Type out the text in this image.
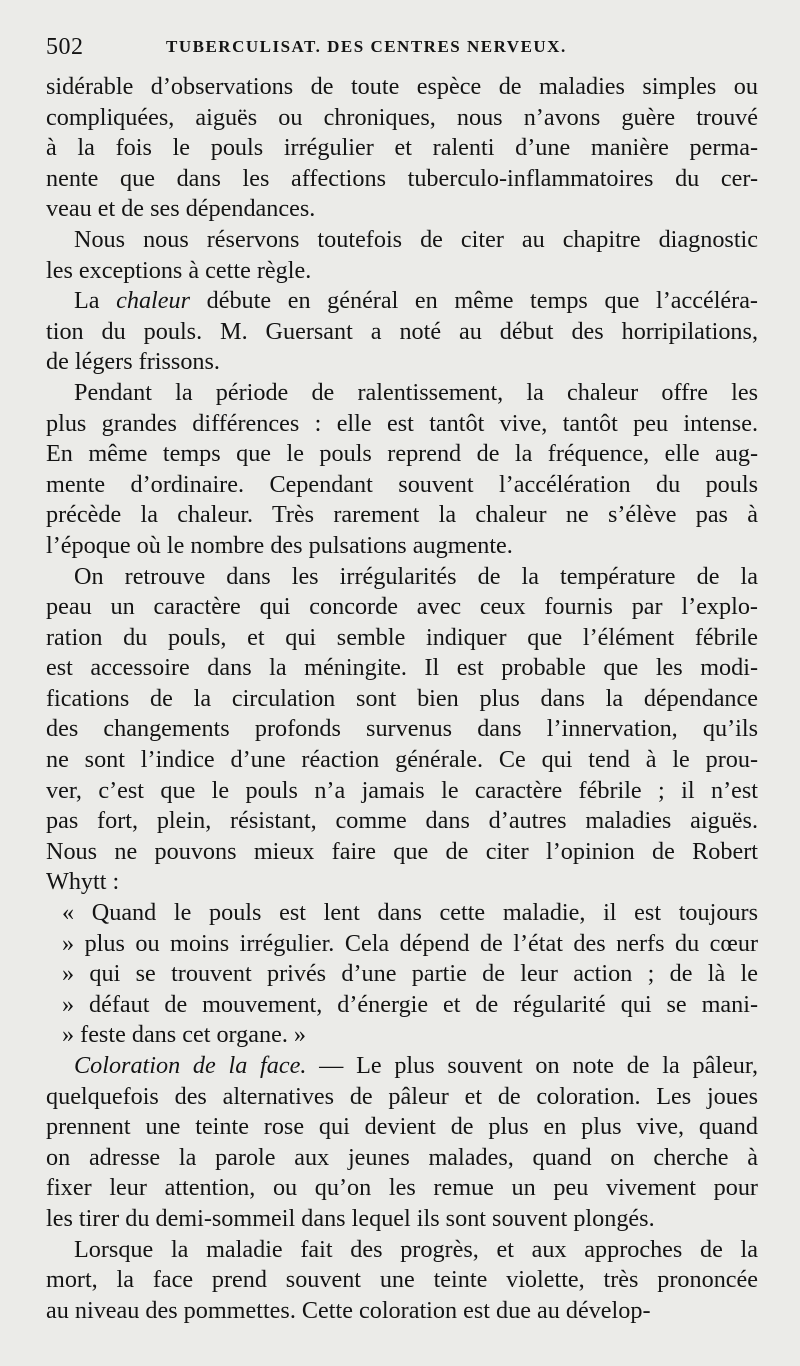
502	TUBERCULISAT. DES CENTRES NERVEUX.
sidérable d’observations de toute espèce de maladies simples ou
compliquées, aiguës ou chroniques, nous n’avons guère trouvé
à la fois le pouls irrégulier et ralenti d’une manière perma-
nente que dans les affections tuberculo-inflammatoires du cer-
veau et de ses dépendances.
Nous nous réservons toutefois de citer au chapitre diagnostic
les exceptions à cette règle.
La chaleur débute en général en même temps que l’accéléra-
tion du pouls. M. Guersant a noté au début des horripilations,
de légers frissons.
Pendant la période de ralentissement, la chaleur offre les
plus grandes différences : elle est tantôt vive, tantôt peu intense.
En même temps que le pouls reprend de la fréquence, elle aug-
mente d’ordinaire. Cependant souvent l’accélération du pouls
précède la chaleur. Très rarement la chaleur ne s’élève pas à
l’époque où le nombre des pulsations augmente.
On retrouve dans les irrégularités de la température de la
peau un caractère qui concorde avec ceux fournis par l’explo-
ration du pouls, et qui semble indiquer que l’élément fébrile
est accessoire dans la méningite. Il est probable que les modi-
fications de la circulation sont bien plus dans la dépendance
des changements profonds survenus dans l’innervation, qu’ils
ne sont l’indice d’une réaction générale. Ce qui tend à le prou-
ver, c’est que le pouls n’a jamais le caractère fébrile ; il n’est
pas fort, plein, résistant, comme dans d’autres maladies aiguës.
Nous ne pouvons mieux faire que de citer l’opinion de Robert
Whytt :
« Quand le pouls est lent dans cette maladie, il est toujours
» plus ou moins irrégulier. Cela dépend de l’état des nerfs du cœur
» qui se trouvent privés d’une partie de leur action ; de là le
» défaut de mouvement, d’énergie et de régularité qui se mani-
» feste dans cet organe. »
Coloration de la face. — Le plus souvent on note de la pâleur,
quelquefois des alternatives de pâleur et de coloration. Les joues
prennent une teinte rose qui devient de plus en plus vive, quand
on adresse la parole aux jeunes malades, quand on cherche à
fixer leur attention, ou qu’on les remue un peu vivement pour
les tirer du demi-sommeil dans lequel ils sont souvent plongés.
Lorsque la maladie fait des progrès, et aux approches de la
mort, la face prend souvent une teinte violette, très prononcée
au niveau des pommettes. Cette coloration est due au dévelop-
